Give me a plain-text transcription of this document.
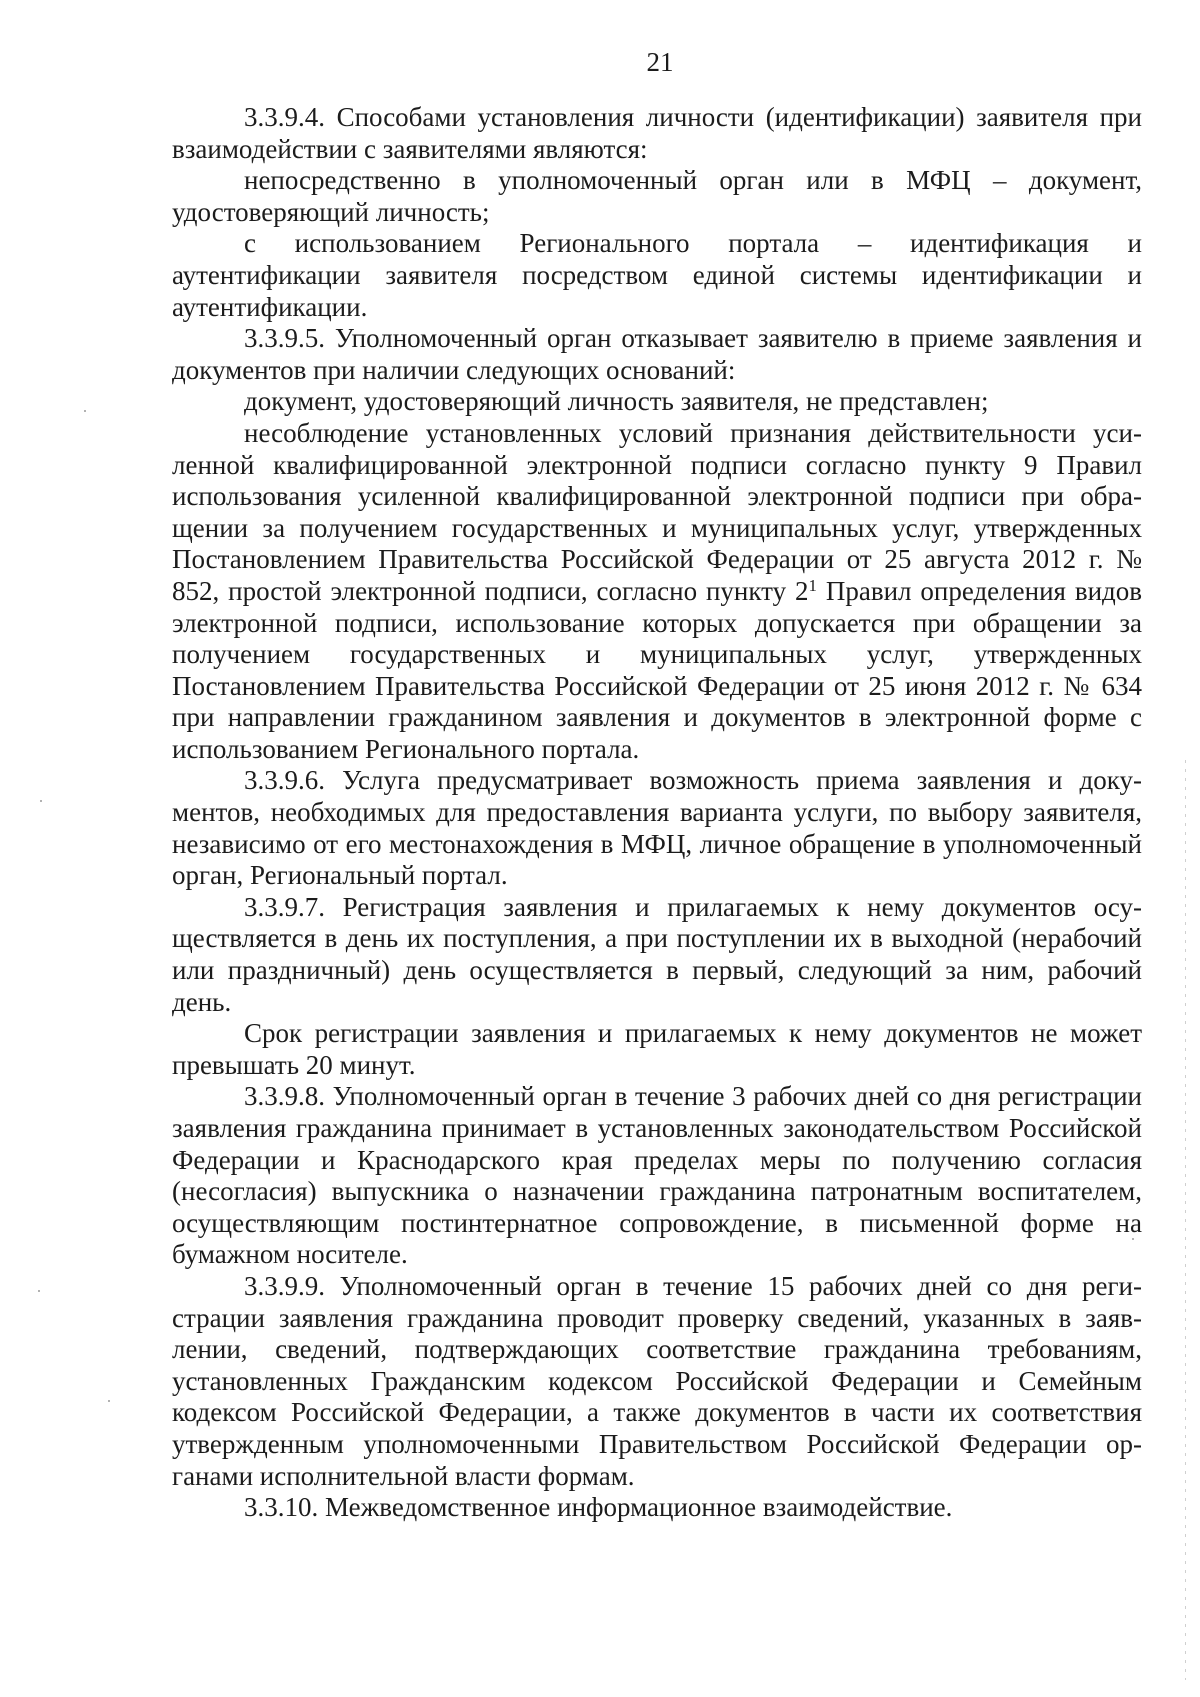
21

3.3.9.4. Способами установления личности (идентификации) заявителя при взаимодействии с заявителями являются:

непосредственно в уполномоченный орган или в МФЦ – документ, удостоверяющий личность;

с использованием Регионального портала – идентификация и аутентификации заявителя посредством единой системы идентификации и аутентификации.

3.3.9.5. Уполномоченный орган отказывает заявителю в приеме заявления и документов при наличии следующих оснований:

документ, удостоверяющий личность заявителя, не представлен;

несоблюдение установленных условий признания действительности усиленной квалифицированной электронной подписи согласно пункту 9 Правил использования усиленной квалифицированной электронной подписи при обращении за получением государственных и муниципальных услуг, утвержденных Постановлением Правительства Российской Федерации от 25 августа 2012 г. № 852, простой электронной подписи, согласно пункту $2^1$ Правил определения видов электронной подписи, использование которых допускается при обращении за получением государственных и муниципальных услуг, утвержденных Постановлением Правительства Российской Федерации от 25 июня 2012 г. № 634 при направлении гражданином заявления и документов в электронной форме с использованием Регионального портала.

3.3.9.6. Услуга предусматривает возможность приема заявления и документов, необходимых для предоставления варианта услуги, по выбору заявителя, независимо от его местонахождения в МФЦ, личное обращение в уполномоченный орган, Региональный портал.

3.3.9.7. Регистрация заявления и прилагаемых к нему документов осуществляется в день их поступления, а при поступлении их в выходной (нерабочий или праздничный) день осуществляется в первый, следующий за ним, рабочий день.

Срок регистрации заявления и прилагаемых к нему документов не может превышать 20 минут.

3.3.9.8. Уполномоченный орган в течение 3 рабочих дней со дня регистрации заявления гражданина принимает в установленных законодательством Российской Федерации и Краснодарского края пределах меры по получению согласия (несогласия) выпускника о назначении гражданина патронатным воспитателем, осуществляющим постинтернатное сопровождение, в письменной форме на бумажном носителе.

3.3.9.9. Уполномоченный орган в течение 15 рабочих дней со дня регистрации заявления гражданина проводит проверку сведений, указанных в заявлении, сведений, подтверждающих соответствие гражданина требованиям, установленных Гражданским кодексом Российской Федерации и Семейным кодексом Российской Федерации, а также документов в части их соответствия утвержденным уполномоченными Правительством Российской Федерации органами исполнительной власти формам.

3.3.10. Межведомственное информационное взаимодействие.
